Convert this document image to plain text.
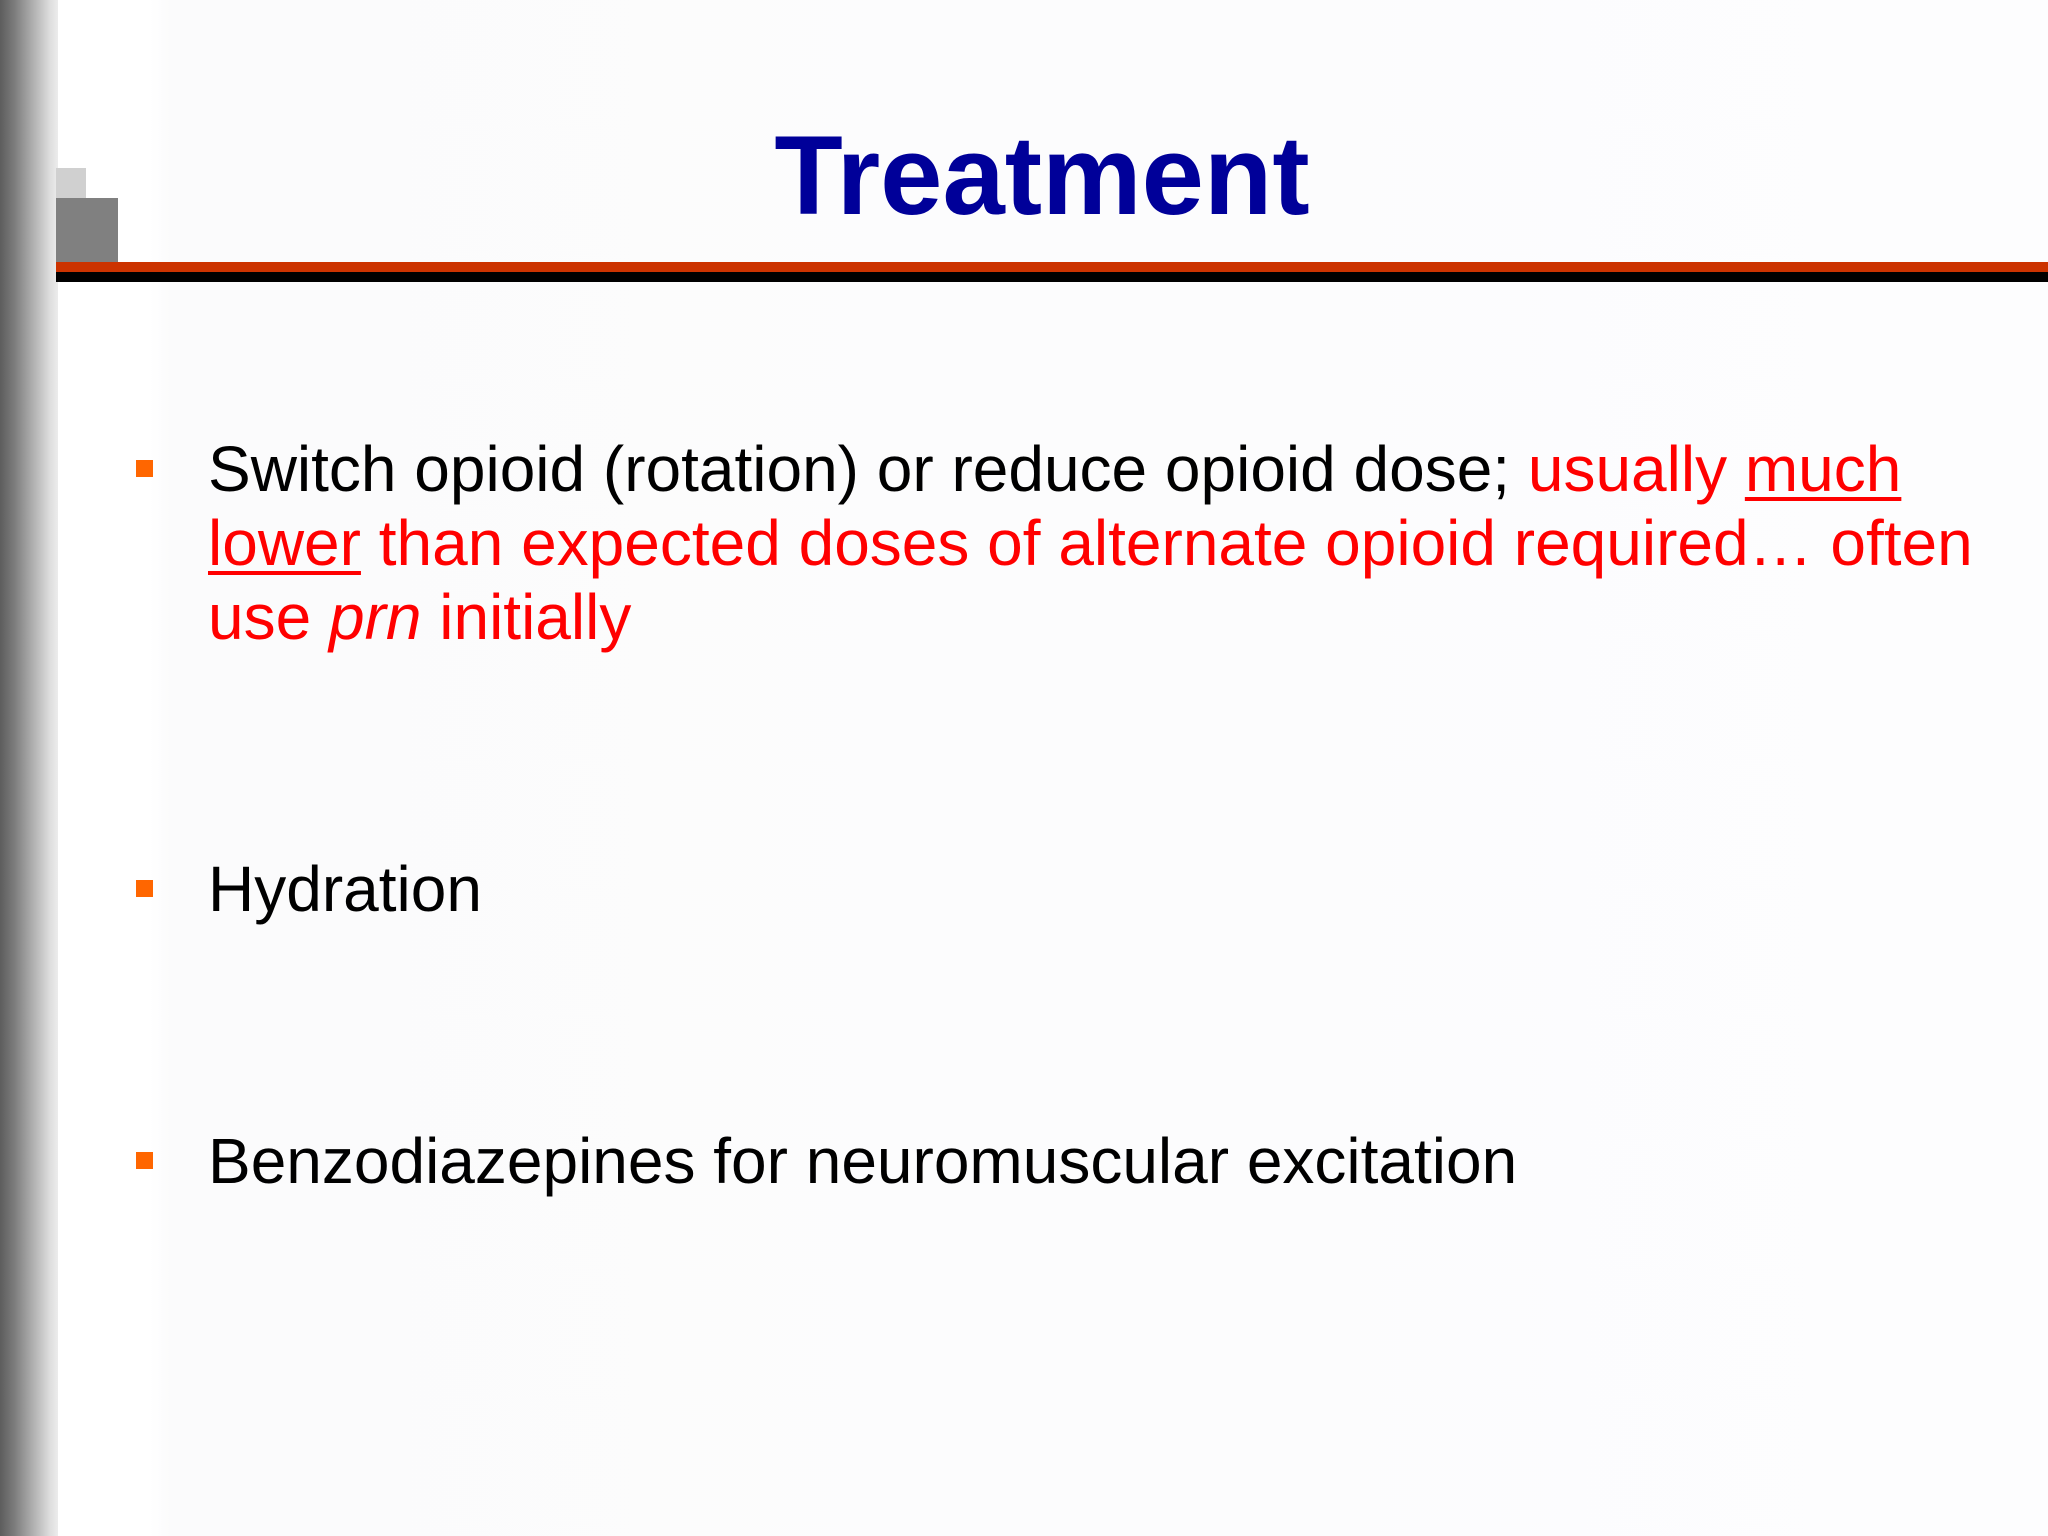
Treatment
Switch opioid (rotation) or reduce opioid dose; usually much lower than expected doses of alternate opioid required… often use prn initially
Hydration
Benzodiazepines for neuromuscular excitation
